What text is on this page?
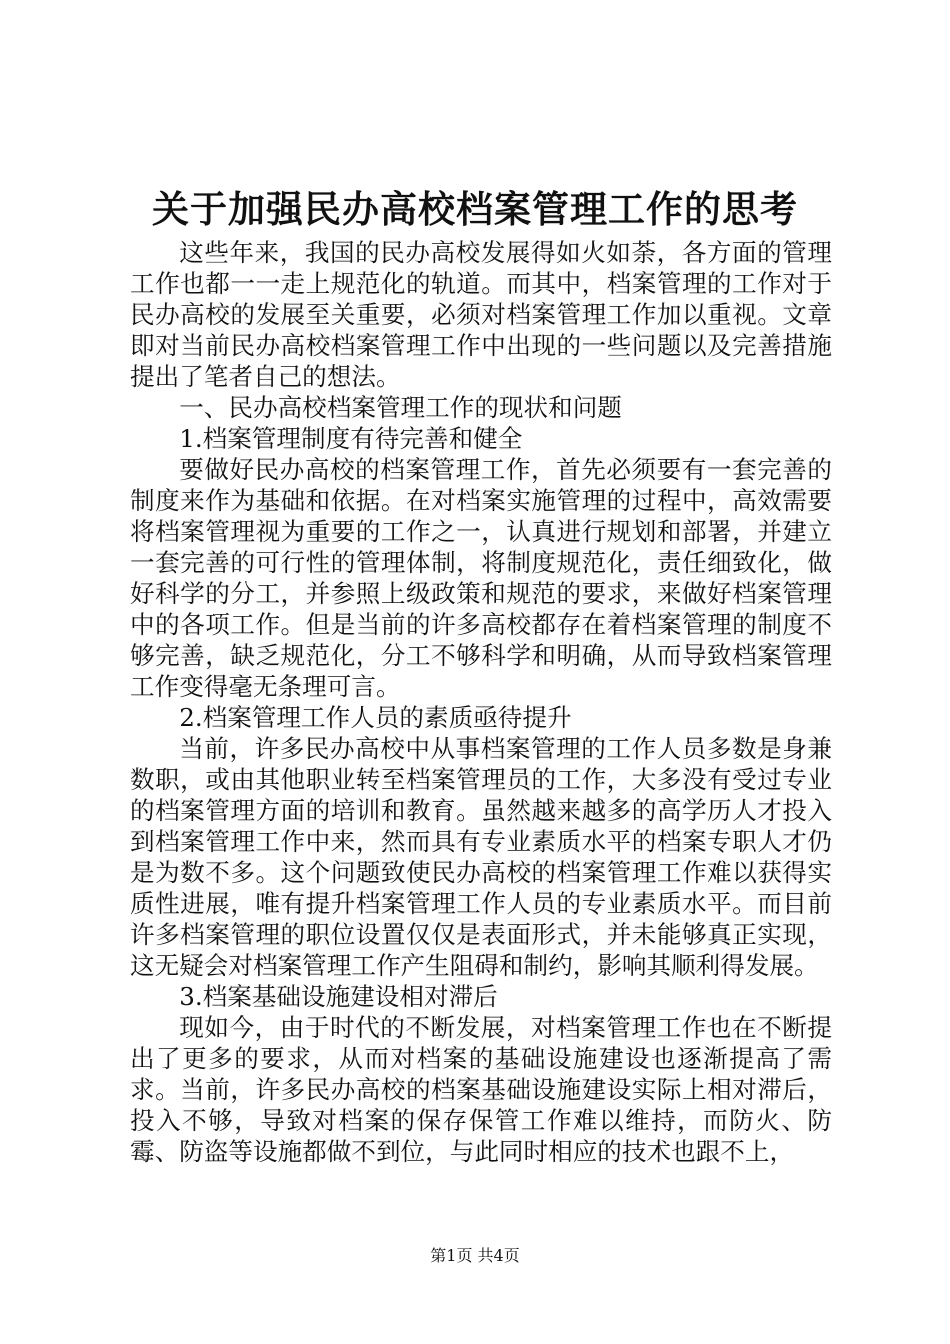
关于加强民办高校档案管理工作的思考

这些年来，我国的民办高校发展得如火如荼，各方面的管理工作也都一一走上规范化的轨道。而其中，档案管理的工作对于民办高校的发展至关重要，必须对档案管理工作加以重视。文章即对当前民办高校档案管理工作中出现的一些问题以及完善措施提出了笔者自己的想法。

一、民办高校档案管理工作的现状和问题

1.档案管理制度有待完善和健全

要做好民办高校的档案管理工作，首先必须要有一套完善的制度来作为基础和依据。在对档案实施管理的过程中，高效需要将档案管理视为重要的工作之一，认真进行规划和部署，并建立一套完善的可行性的管理体制，将制度规范化，责任细致化，做好科学的分工，并参照上级政策和规范的要求，来做好档案管理中的各项工作。但是当前的许多高校都存在着档案管理的制度不够完善，缺乏规范化，分工不够科学和明确，从而导致档案管理工作变得毫无条理可言。

2.档案管理工作人员的素质亟待提升

当前，许多民办高校中从事档案管理的工作人员多数是身兼数职，或由其他职业转至档案管理员的工作，大多没有受过专业的档案管理方面的培训和教育。虽然越来越多的高学历人才投入到档案管理工作中来，然而具有专业素质水平的档案专职人才仍是为数不多。这个问题致使民办高校的档案管理工作难以获得实质性进展，唯有提升档案管理工作人员的专业素质水平。而目前许多档案管理的职位设置仅仅是表面形式，并未能够真正实现，这无疑会对档案管理工作产生阻碍和制约，影响其顺利得发展。

3.档案基础设施建设相对滞后

现如今，由于时代的不断发展，对档案管理工作也在不断提出了更多的要求，从而对档案的基础设施建设也逐渐提高了需求。当前，许多民办高校的档案基础设施建设实际上相对滞后，投入不够，导致对档案的保存保管工作难以维持，而防火、防霉、防盗等设施都做不到位，与此同时相应的技术也跟不上，

第1页 共4页
